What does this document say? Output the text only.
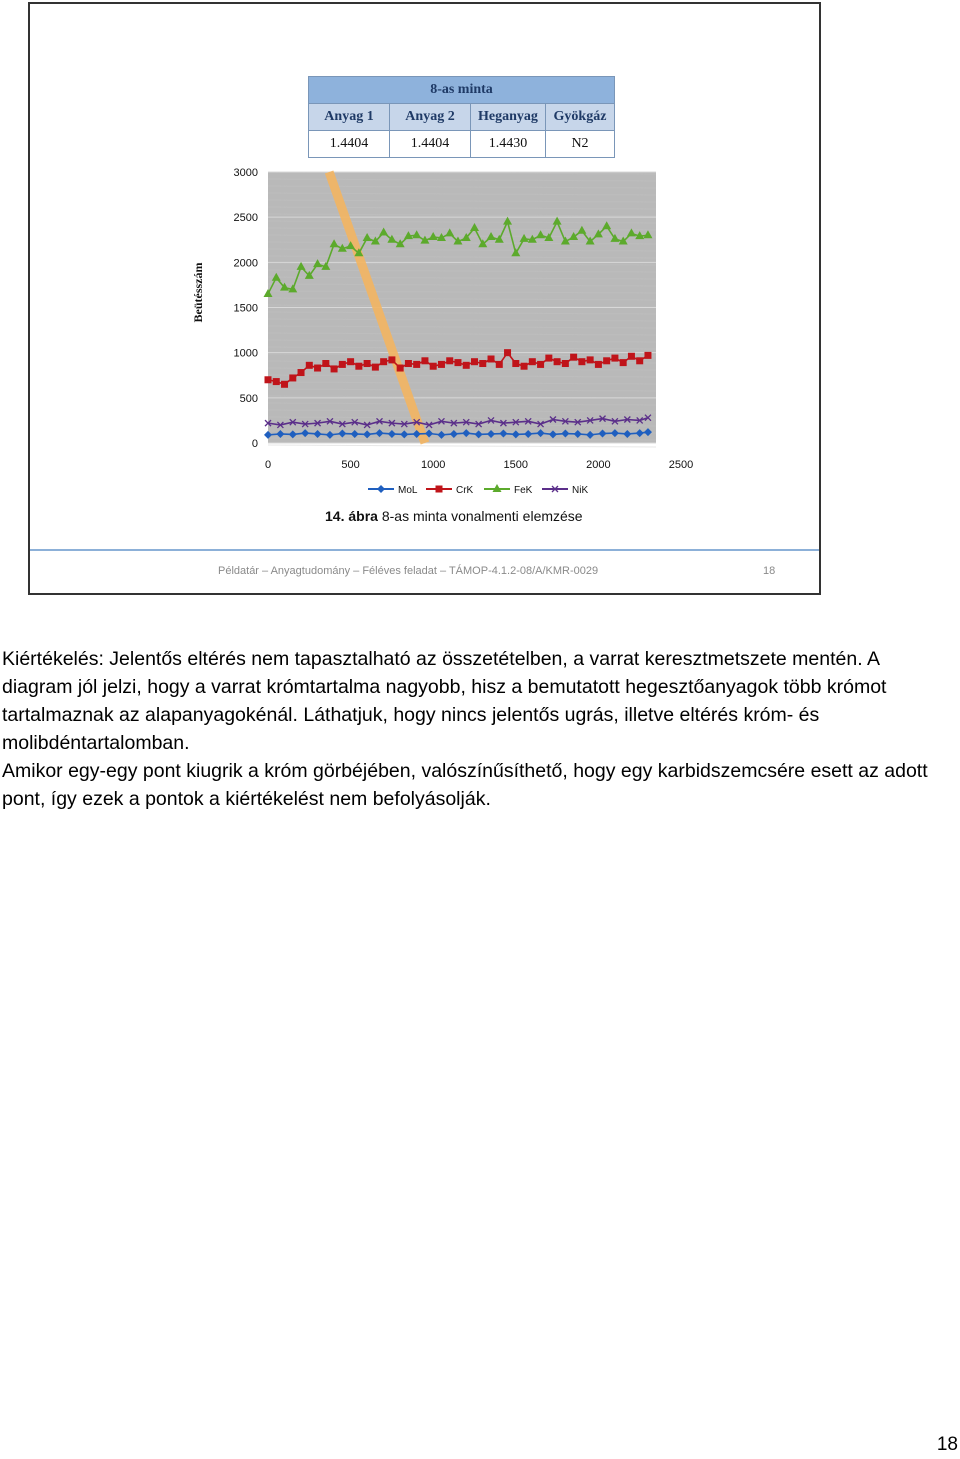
8-as minta			
Anyag 1	Anyag 2	Heganyag	Gyökgáz
1.4404	1.4404	1.4430	N2
0
500
1000
1500
2000
2500
3000
0	500	1000	1500	2000	2500
Beütésszám
MoL	CrK	FeK	NiK
14. ábra 8-as minta vonalmenti elemzése
Példatár – Anyagtudomány – Féléves feladat – TÁMOP-4.1.2-08/A/KMR-0029	18

Kiértékelés: Jelentős eltérés nem tapasztalható az összetételben, a varrat keresztmetszete mentén. A diagram jól jelzi, hogy a varrat krómtartalma nagyobb, hisz a bemutatott hegesztőanyagok több krómot tartalmaznak az alapanyagokénál. Láthatjuk, hogy nincs jelentős ugrás, illetve eltérés króm- és molibdéntartalomban.

Amikor egy-egy pont kiugrik a króm görbéjében, valószínűsíthető, hogy egy karbidszemcsére esett az adott pont, így ezek a pontok a kiértékelést nem befolyásolják.

18
